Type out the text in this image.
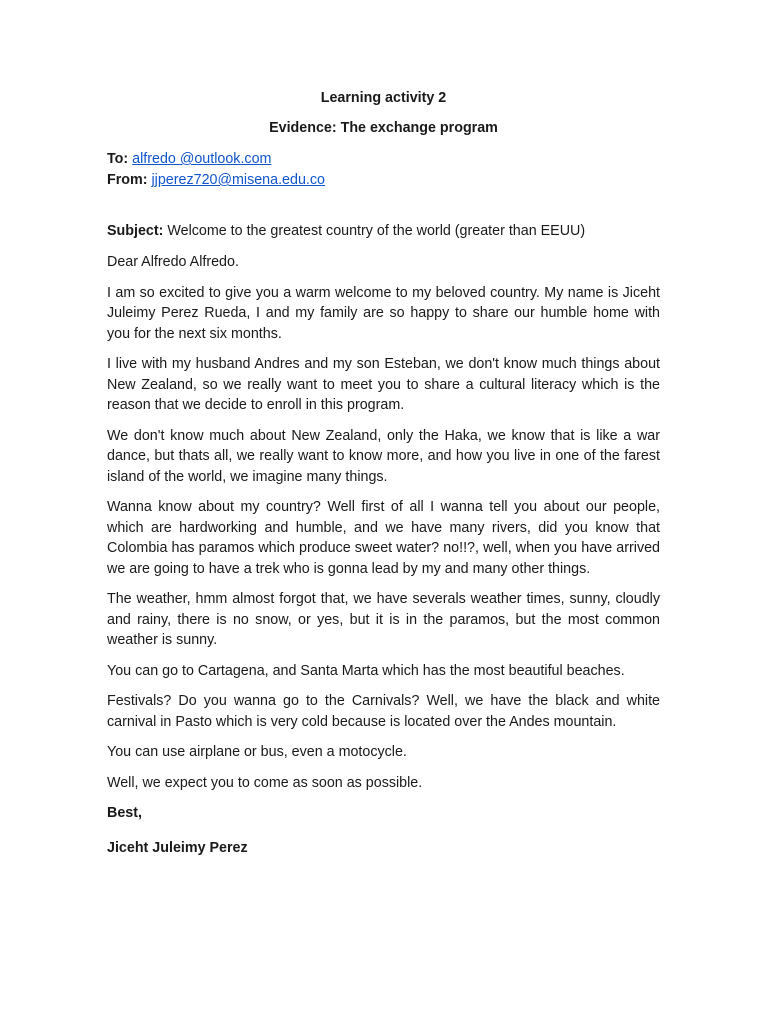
Learning activity 2

Evidence: The exchange program

To: alfredo @outlook.com

From: jjperez720@misena.edu.co

Subject: Welcome to the greatest country of the world (greater than EEUU)

Dear Alfredo Alfredo.

I am so excited to give you a warm welcome to my beloved country. My name is Jiceht Juleimy Perez Rueda, I and my family are so happy to share our humble home with you for the next six months.

I live with my husband Andres and my son Esteban, we don't know much things about New Zealand, so we really want to meet you to share a cultural literacy which is the reason that we decide to enroll in this program.

We don't know much about New Zealand, only the Haka, we know that is like a war dance, but thats all, we really want to know more, and how you live in one of the farest island of the world, we imagine many things.

Wanna know about my country? Well first of all I wanna tell you about our people, which are hardworking and humble, and we have many rivers, did you know that Colombia has paramos which produce sweet water? no!!?, well, when you have arrived we are going to have a trek who is gonna lead by my and many other things.

The weather, hmm almost forgot that, we have severals weather times, sunny, cloudly and rainy, there is no snow, or yes, but it is in the paramos, but the most common weather is sunny.

You can go to Cartagena, and Santa Marta which has the most beautiful beaches.

Festivals? Do you wanna go to the Carnivals? Well, we have the black and white carnival in Pasto which is very cold because is located over the Andes mountain.

You can use airplane or bus, even a motocycle.

Well, we expect you to come as soon as possible.

Best,

Jiceht Juleimy Perez
